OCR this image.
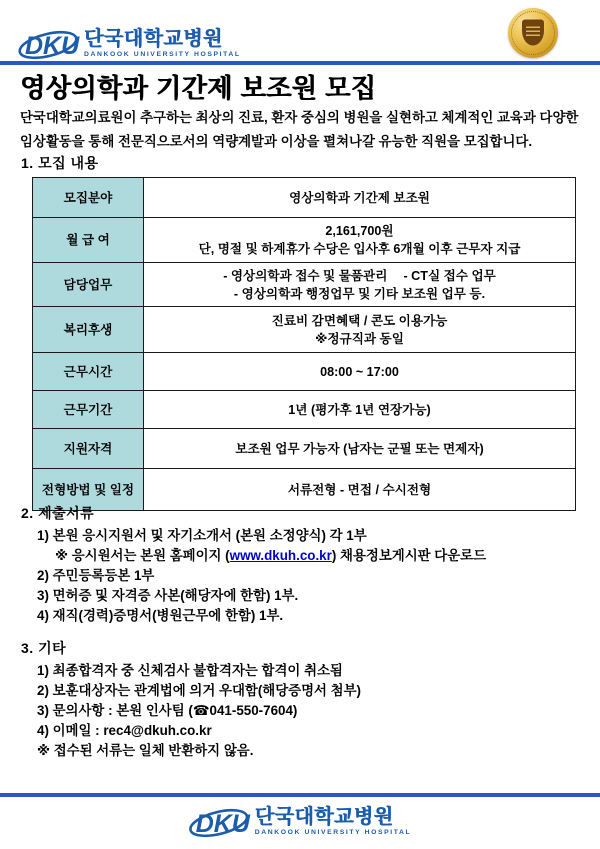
DKU 단국대학교병원
DANKOOK UNIVERSITY HOSPITAL
영상의학과 기간제 보조원 모집
단국대학교의료원이 추구하는 최상의 진료, 환자 중심의 병원을 실현하고 체계적인 교육과 다양한
임상활동을 통해 전문직으로서의 역량계발과 이상을 펼쳐나갈 유능한 직원을 모집합니다.
1. 모집 내용
모집분야	영상의학과 기간제 보조원

월 급 여	2,161,700원
단, 명절 및 하계휴가 수당은 입사후 6개월 이후 근무자 지급

담당업무	- 영상의학과 접수 및 물품관리　 - CT실 접수 업무
- 영상의학과 행정업무 및 기타 보조원 업무 등.

복리후생	진료비 감면혜택 / 콘도 이용가능
※정규직과 동일

근무시간	08:00 ~ 17:00

근무기간	1년 (평가후 1년 연장가능)

지원자격	보조원 업무 가능자 (남자는 군필 또는 면제자)

전형방법 및 일정	서류전형 - 면접 / 수시전형
2. 제출서류
1) 본원 응시지원서 및 자기소개서 (본원 소정양식) 각 1부
※ 응시원서는 본원 홈페이지 (www.dkuh.co.kr) 채용정보게시판 다운로드
2) 주민등록등본 1부
3) 면허증 및 자격증 사본(해당자에 한함) 1부.
4) 재직(경력)증명서(병원근무에 한함) 1부.
3. 기타
1) 최종합격자 중 신체검사 불합격자는 합격이 취소됨
2) 보훈대상자는 관계법에 의거 우대함(해당증명서 첨부)
3) 문의사항 : 본원 인사팀 (☎041-550-7604)
4) 이메일 : rec4@dkuh.co.kr
※ 접수된 서류는 일체 반환하지 않음.
DKU 단국대학교병원
DANKOOK UNIVERSITY HOSPITAL
